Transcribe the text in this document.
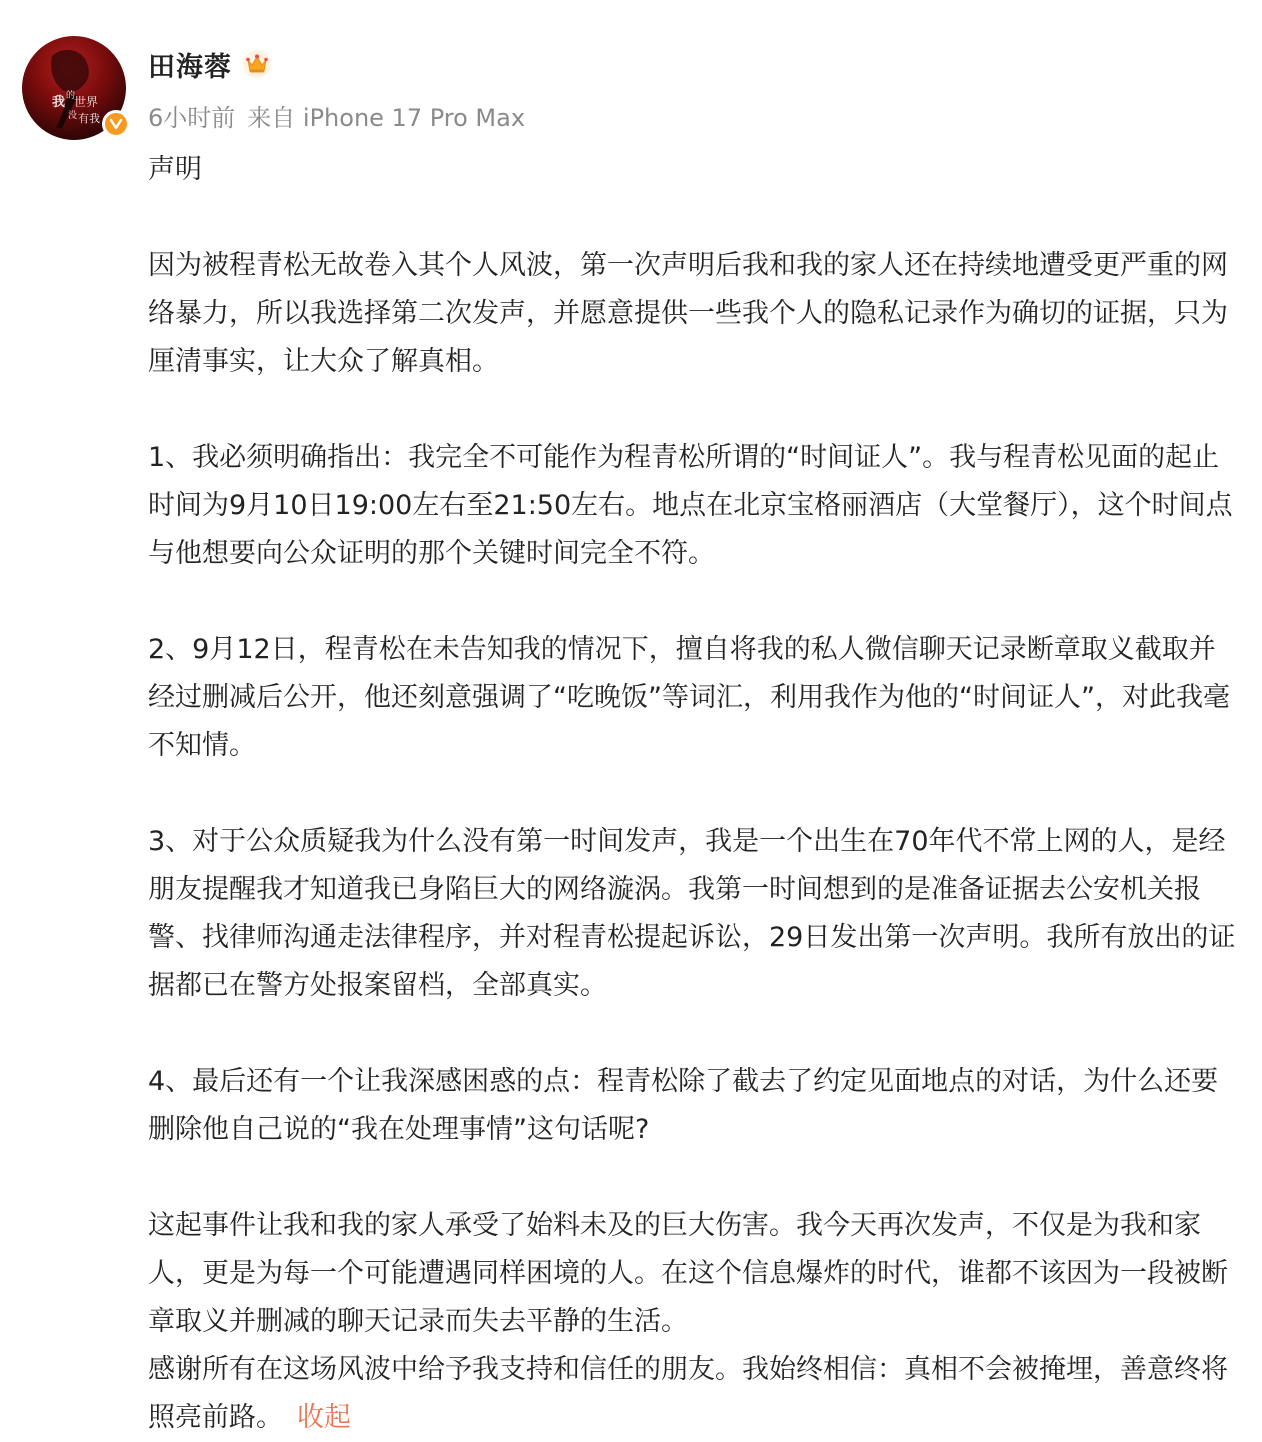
我 的
世界
没 有我
田海蓉
6小时前 来自 iPhone 17 Pro Max

声明

因为被程青松无故卷入其个人风波，第一次声明后我和我的家人还在持续地遭受更严重的网络暴力，所以我选择第二次发声，并愿意提供一些我个人的隐私记录作为确切的证据，只为厘清事实，让大众了解真相。

1、我必须明确指出：我完全不可能作为程青松所谓的“时间证人”。我与程青松见面的起止时间为9月10日19:00左右至21:50左右。地点在北京宝格丽酒店（大堂餐厅），这个时间点与他想要向公众证明的那个关键时间完全不符。

2、9月12日，程青松在未告知我的情况下，擅自将我的私人微信聊天记录断章取义截取并经过删减后公开，他还刻意强调了“吃晚饭”等词汇，利用我作为他的“时间证人”，对此我毫不知情。

3、对于公众质疑我为什么没有第一时间发声，我是一个出生在70年代不常上网的人，是经朋友提醒我才知道我已身陷巨大的网络漩涡。我第一时间想到的是准备证据去公安机关报警、找律师沟通走法律程序，并对程青松提起诉讼，29日发出第一次声明。我所有放出的证据都已在警方处报案留档，全部真实。

4、最后还有一个让我深感困惑的点：程青松除了截去了约定见面地点的对话，为什么还要删除他自己说的“我在处理事情”这句话呢?

这起事件让我和我的家人承受了始料未及的巨大伤害。我今天再次发声，不仅是为我和家人，更是为每一个可能遭遇同样困境的人。在这个信息爆炸的时代，谁都不该因为一段被断章取义并删减的聊天记录而失去平静的生活。

感谢所有在这场风波中给予我支持和信任的朋友。我始终相信：真相不会被掩埋，善意终将照亮前路。 收起
